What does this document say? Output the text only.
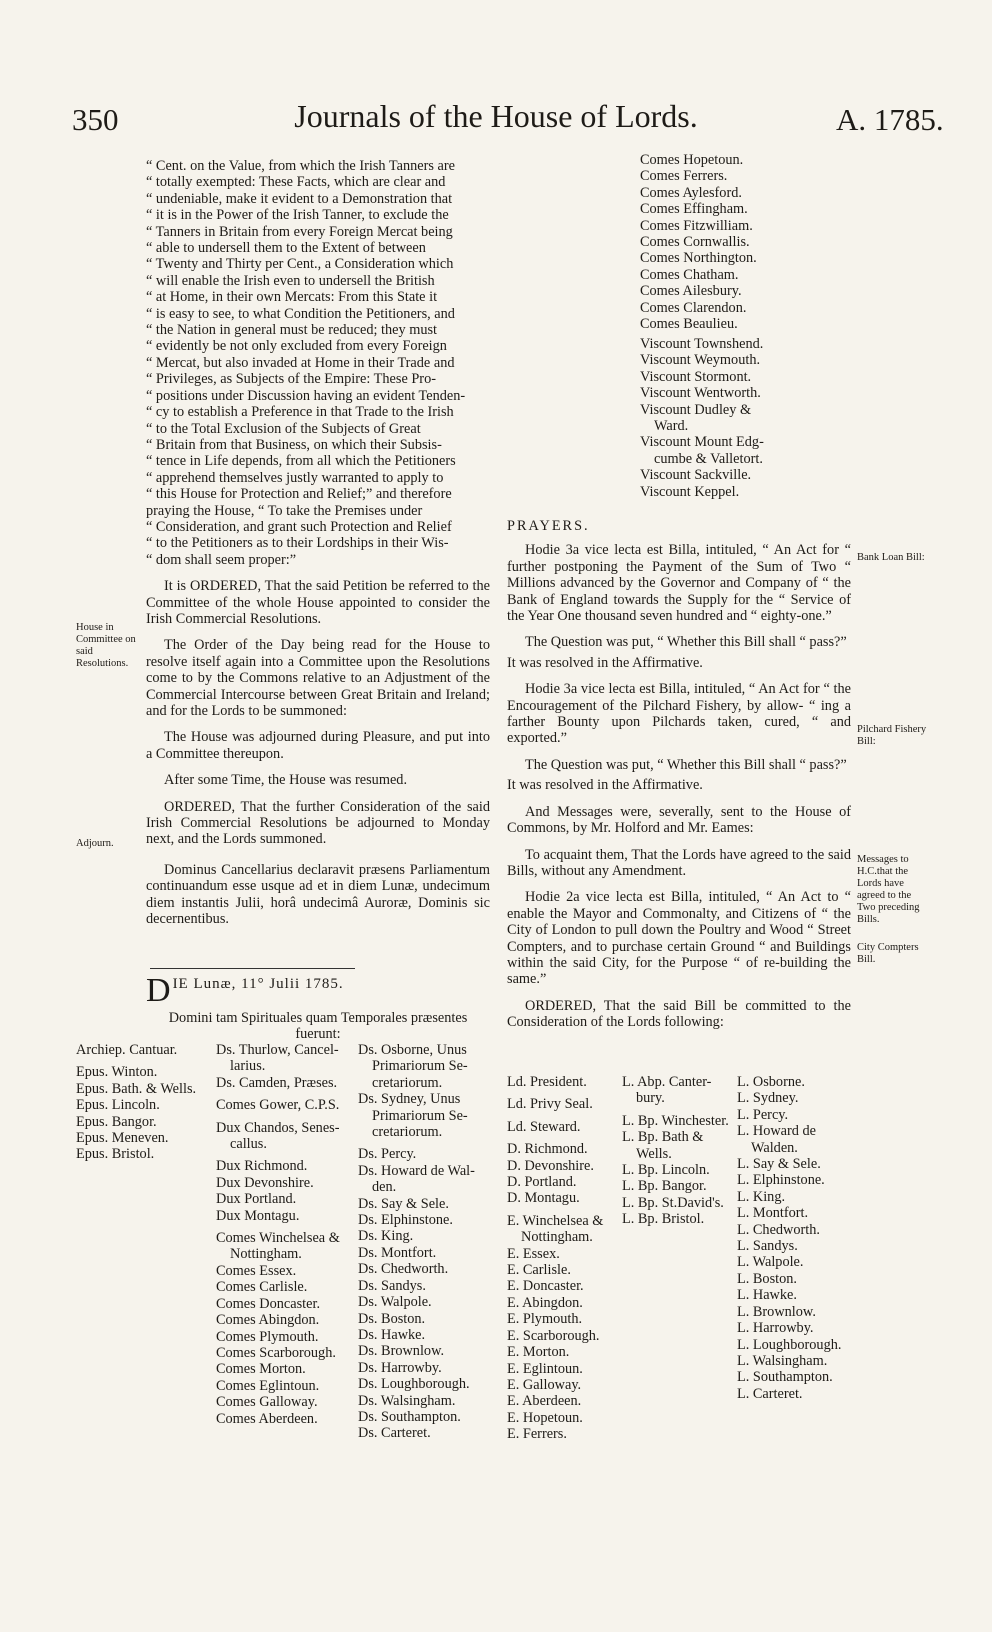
350	Journals of the House of Lords.	A. 1785.
“ Cent. on the Value, from which the Irish Tanners are
“ totally exempted: These Facts, which are clear and
“ undeniable, make it evident to a Demonstration that
“ it is in the Power of the Irish Tanner, to exclude the
“ Tanners in Britain from every Foreign Mercat being
“ able to undersell them to the Extent of between
“ Twenty and Thirty per Cent., a Consideration which
“ will enable the Irish even to undersell the British
“ at Home, in their own Mercats: From this State it
“ is easy to see, to what Condition the Petitioners, and
“ the Nation in general must be reduced; they must
“ evidently be not only excluded from every Foreign
“ Mercat, but also invaded at Home in their Trade and
“ Privileges, as Subjects of the Empire: These Pro-
“ positions under Discussion having an evident Tenden-
“ cy to establish a Preference in that Trade to the Irish
“ to the Total Exclusion of the Subjects of Great
“ Britain from that Business, on which their Subsis-
“ tence in Life depends, from all which the Petitioners
“ apprehend themselves justly warranted to apply to
“ this House for Protection and Relief;” and therefore
praying the House, “ To take the Premises under
“ Consideration, and grant such Protection and Relief
“ to the Petitioners as to their Lordships in their Wis-
“ dom shall seem proper:”

It is ORDERED, That the said Petition be referred to the Committee of the whole House appointed to consider the Irish Commercial Resolutions.

The Order of the Day being read for the House to resolve itself again into a Committee upon the Resolutions come to by the Commons relative to an Adjustment of the Commercial Intercourse between Great Britain and Ireland; and for the Lords to be summoned:

The House was adjourned during Pleasure, and put into a Committee thereupon.

After some Time, the House was resumed.

ORDERED, That the further Consideration of the said Irish Commercial Resolutions be adjourned to Monday next, and the Lords summoned.

Dominus Cancellarius declaravit præsens Parliamentum continuandum esse usque ad et in diem Lunæ, undecimum diem instantis Julii, horâ undecimâ Auroræ, Dominis sic decernentibus.

House in Committee on said Resolutions.
Adjourn.
D IE Lunæ, 11° Julii 1785.
Domini tam Spirituales quam Temporales præsentes fuerunt:
Archiep. Cantuar.
Epus. Winton.
Epus. Bath. & Wells.
Epus. Lincoln.
Epus. Bangor.
Epus. Meneven.
Epus. Bristol.
Ds. Thurlow, Cancel-
larius.
Ds. Camden, Præses.
Comes Gower, C.P.S.
Dux Chandos, Senes-
callus.
Dux Richmond.
Dux Devonshire.
Dux Portland.
Dux Montagu.
Comes Winchelsea &
Nottingham.
Comes Essex.
Comes Carlisle.
Comes Doncaster.
Comes Abingdon.
Comes Plymouth.
Comes Scarborough.
Comes Morton.
Comes Eglintoun.
Comes Galloway.
Comes Aberdeen.
Ds. Osborne, Unus
Primariorum Se-
cretariorum.
Ds. Sydney, Unus
Primariorum Se-
cretariorum.
Ds. Percy.
Ds. Howard de Wal-
den.
Ds. Say & Sele.
Ds. Elphinstone.
Ds. King.
Ds. Montfort.
Ds. Chedworth.
Ds. Sandys.
Ds. Walpole.
Ds. Boston.
Ds. Hawke.
Ds. Brownlow.
Ds. Harrowby.
Ds. Loughborough.
Ds. Walsingham.
Ds. Southampton.
Ds. Carteret.
Comes Hopetoun.
Comes Ferrers.
Comes Aylesford.
Comes Effingham.
Comes Fitzwilliam.
Comes Cornwallis.
Comes Northington.
Comes Chatham.
Comes Ailesbury.
Comes Clarendon.
Comes Beaulieu.
Viscount Townshend.
Viscount Weymouth.
Viscount Stormont.
Viscount Wentworth.
Viscount Dudley &
Ward.
Viscount Mount Edg-
cumbe & Valletort.
Viscount Sackville.
Viscount Keppel.

PRAYERS.

Hodie 3a vice lecta est Billa, intituled, “ An Act for “ further postponing the Payment of the Sum of Two “ Millions advanced by the Governor and Company of “ the Bank of England towards the Supply for the “ Service of the Year One thousand seven hundred and “ eighty-one.”

The Question was put, “ Whether this Bill shall “ pass?”

It was resolved in the Affirmative.

Hodie 3a vice lecta est Billa, intituled, “ An Act for “ the Encouragement of the Pilchard Fishery, by allow- “ ing a farther Bounty upon Pilchards taken, cured, “ and exported.”

The Question was put, “ Whether this Bill shall “ pass?”

It was resolved in the Affirmative.

And Messages were, severally, sent to the House of Commons, by Mr. Holford and Mr. Eames:

To acquaint them, That the Lords have agreed to the said Bills, without any Amendment.

Hodie 2a vice lecta est Billa, intituled, “ An Act to “ enable the Mayor and Commonalty, and Citizens of “ the City of London to pull down the Poultry and Wood “ Street Compters, and to purchase certain Ground “ and Buildings within the said City, for the Purpose “ of re-building the same.”

ORDERED, That the said Bill be committed to the Consideration of the Lords following:

Bank Loan Bill:
Pilchard Fishery Bill:
Messages to H.C.that the Lords have agreed to the Two preceding Bills.
City Compters Bill.
Ld. President.
Ld. Privy Seal.
Ld. Steward.
D. Richmond.
D. Devonshire.
D. Portland.
D. Montagu.
E. Winchelsea &
Nottingham.
E. Essex.
E. Carlisle.
E. Doncaster.
E. Abingdon.
E. Plymouth.
E. Scarborough.
E. Morton.
E. Eglintoun.
E. Galloway.
E. Aberdeen.
E. Hopetoun.
E. Ferrers.
L. Abp. Canter-
bury.
L. Bp. Winchester.
L. Bp. Bath &
Wells.
L. Bp. Lincoln.
L. Bp. Bangor.
L. Bp. St.David's.
L. Bp. Bristol.
L. Osborne.
L. Sydney.
L. Percy.
L. Howard de
Walden.
L. Say & Sele.
L. Elphinstone.
L. King.
L. Montfort.
L. Chedworth.
L. Sandys.
L. Walpole.
L. Boston.
L. Hawke.
L. Brownlow.
L. Harrowby.
L. Loughborough.
L. Walsingham.
L. Southampton.
L. Carteret.
